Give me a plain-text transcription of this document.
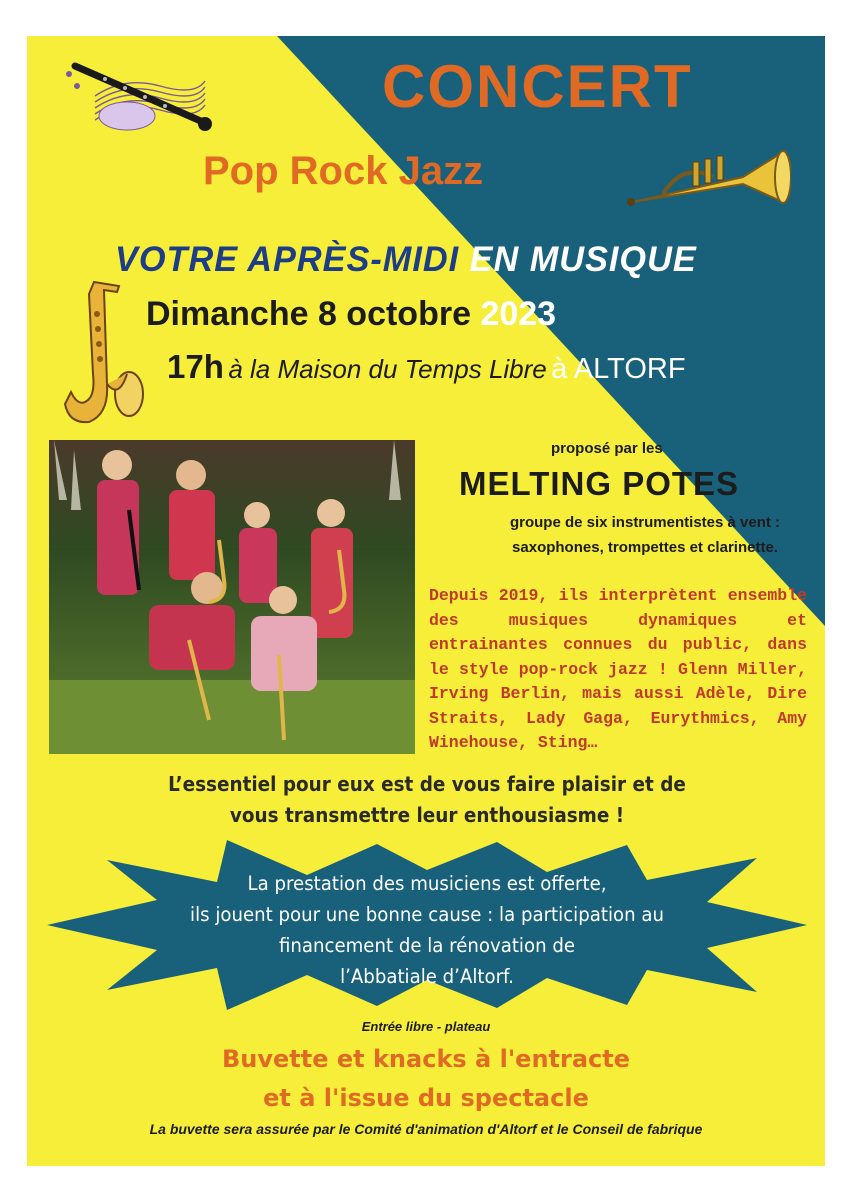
CONCERT
Pop Rock Jazz
VOTRE APRÈS-MIDI EN MUSIQUE
Dimanche 8 octobre 2023
17h à la Maison du Temps Libre à ALTORF
proposé par les
MELTING POTES
groupe de six instrumentistes à vent :
saxophones, trompettes et clarinette.
Depuis 2019, ils interprètent ensemble des musiques dynamiques et entrainantes connues du public, dans le style pop-rock jazz ! Glenn Miller, Irving Berlin, mais aussi Adèle, Dire Straits, Lady Gaga, Eurythmics, Amy Winehouse, Sting…
L’essentiel pour eux est de vous faire plaisir et de
vous transmettre leur enthousiasme !
La prestation des musiciens est offerte,
ils jouent pour une bonne cause : la participation au
financement de la rénovation de
l’Abbatiale d’Altorf.
Entrée libre - plateau
Buvette et knacks à l'entracte
et à l'issue du spectacle
La buvette sera assurée par le Comité d'animation d'Altorf et le Conseil de fabrique
